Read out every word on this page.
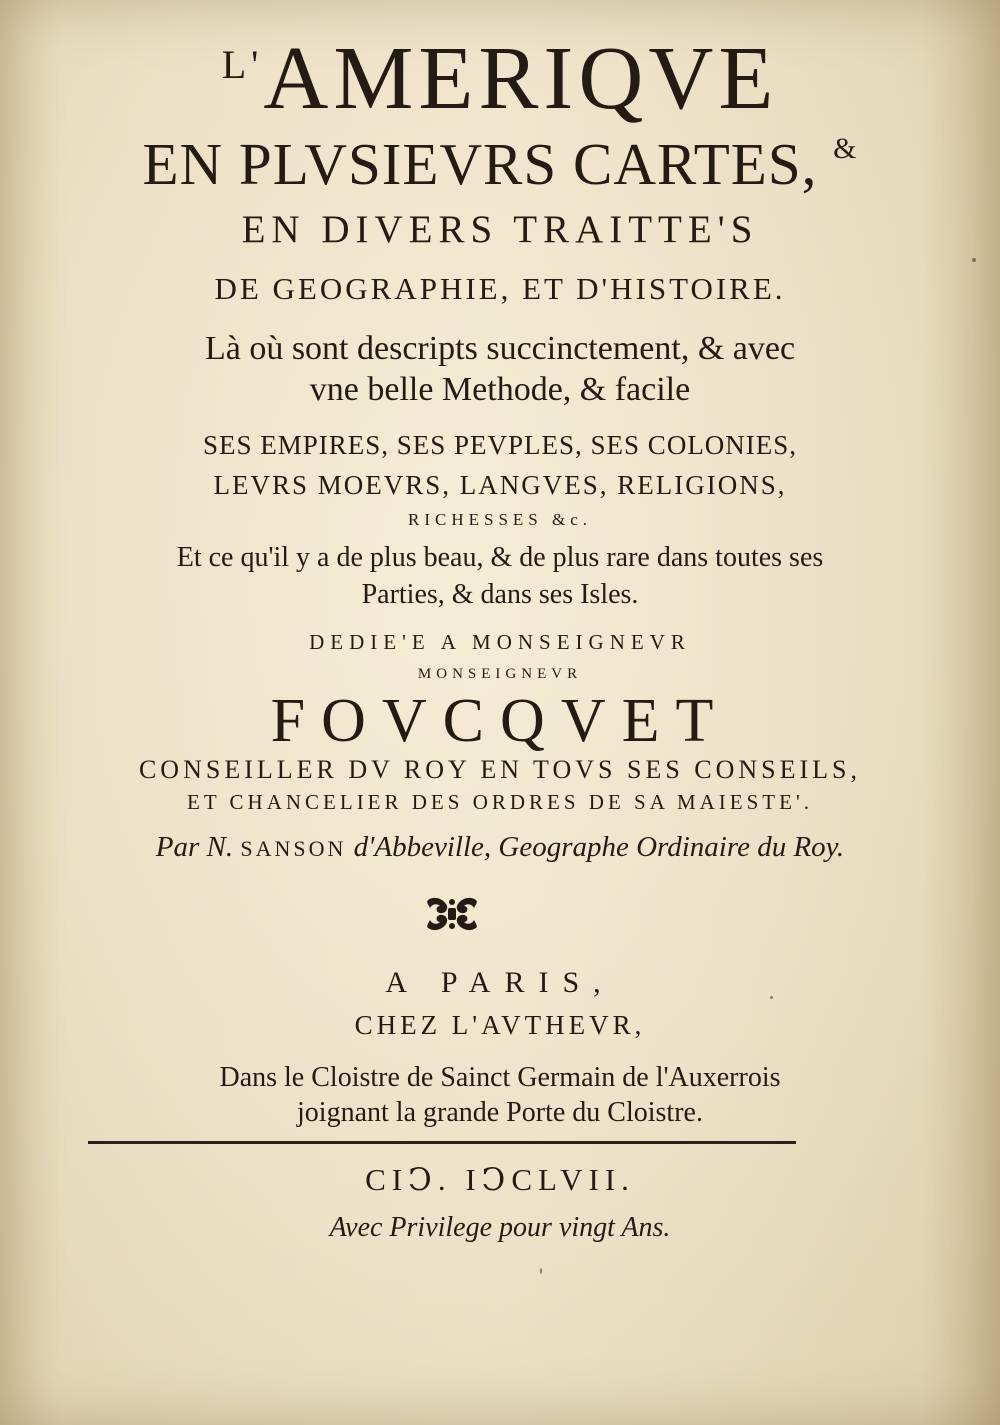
$^{L'}$AMERIQVE
EN PLVSIEVRS CARTES, &
EN DIVERS TRAITTE'S
DE GEOGRAPHIE, ET D'HISTOIRE.
Là où sont descripts succinctement, & avec
vne belle Methode, & facile
SES EMPIRES, SES PEVPLES, SES COLONIES,
LEVRS MOEVRS, LANGVES, RELIGIONS,
RICHESSES &c.
Et ce qu'il y a de plus beau, & de plus rare dans toutes ses
Parties, & dans ses Isles.
DEDIE'E A MONSEIGNEVR
MONSEIGNEVR
FOVCQVET
CONSEILLER DV ROY EN TOVS SES CONSEILS,
ET CHANCELIER DES ORDRES DE SA MAIESTE'.
Par N. SANSON d'Abbeville, Geographe Ordinaire du Roy.
A PARIS,
CHEZ L'AVTHEVR,
Dans le Cloistre de Sainct Germain de l'Auxerrois
joignant la grande Porte du Cloistre.
CIↃ. IↃCLVII.
Avec Privilege pour vingt Ans.
